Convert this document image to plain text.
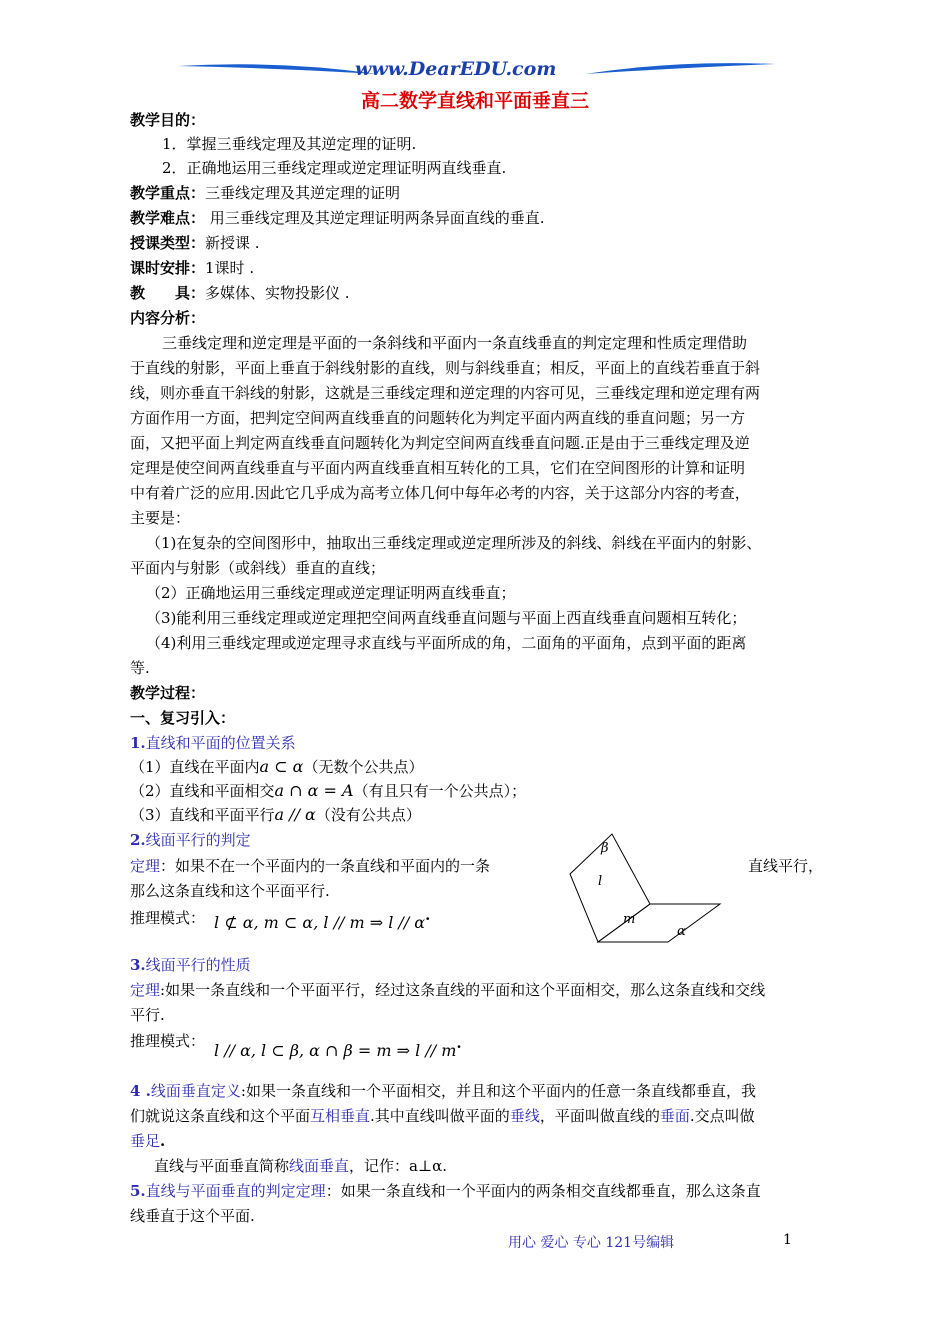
www.DearEDU.com
高二数学直线和平面垂直三
教学目的：
1．掌握三垂线定理及其逆定理的证明.
2．正确地运用三垂线定理或逆定理证明两直线垂直.
教学重点：三垂线定理及其逆定理的证明
教学难点： 用三垂线定理及其逆定理证明两条异面直线的垂直.
授课类型：新授课 .
课时安排：1课时 .
教　　具：多媒体、实物投影仪 .
内容分析：
三垂线定理和逆定理是平面的一条斜线和平面内一条直线垂直的判定定理和性质定理借助
于直线的射影，平面上垂直于斜线射影的直线，则与斜线垂直；相反，平面上的直线若垂直于斜
线，则亦垂直干斜线的射影，这就是三垂线定理和逆定理的内容可见，三垂线定理和逆定理有两
方面作用一方面，把判定空间两直线垂直的问题转化为判定平面内两直线的垂直问题；另一方
面，又把平面上判定两直线垂直问题转化为判定空间两直线垂直问题.正是由于三垂线定理及逆
定理是使空间两直线垂直与平面内两直线垂直相互转化的工具，它们在空间图形的计算和证明
中有着广泛的应用.因此它几乎成为高考立体几何中每年必考的内容，关于这部分内容的考查，
主要是：
（1)在复杂的空间图形中，抽取出三垂线定理或逆定理所涉及的斜线、斜线在平面内的射影、
平面内与射影（或斜线）垂直的直线；
（2）正确地运用三垂线定理或逆定理证明两直线垂直；
（3)能利用三垂线定理或逆定理把空间两直线垂直问题与平面上西直线垂直问题相互转化；
（4)利用三垂线定理或逆定理寻求直线与平面所成的角，二面角的平面角，点到平面的距离
等.
教学过程：
一、复习引入：
1.直线和平面的位置关系
（1）直线在平面内a ⊂ α（无数个公共点）
（2）直线和平面相交a ∩ α = A（有且只有一个公共点）；
（3）直线和平面平行a // α（没有公共点）
2.线面平行的判定
定理：如果不在一个平面内的一条直线和平面内的一条	直线平行，
那么这条直线和这个平面平行.
推理模式： l ⊄ α, m ⊂ α, l // m ⇒ l // α.
β
l
m
α
3.线面平行的性质
定理:如果一条直线和一个平面平行，经过这条直线的平面和这个平面相交，那么这条直线和交线
平行.
推理模式： l // α, l ⊂ β, α ∩ β = m ⇒ l // m.
4 .线面垂直定义:如果一条直线和一个平面相交，并且和这个平面内的任意一条直线都垂直，我
们就说这条直线和这个平面互相垂直.其中直线叫做平面的垂线，平面叫做直线的垂面.交点叫做
垂足.
直线与平面垂直简称线面垂直，记作：a⊥α.
5.直线与平面垂直的判定定理：如果一条直线和一个平面内的两条相交直线都垂直，那么这条直
线垂直于这个平面.
用心 爱心 专心 121号编辑	1
